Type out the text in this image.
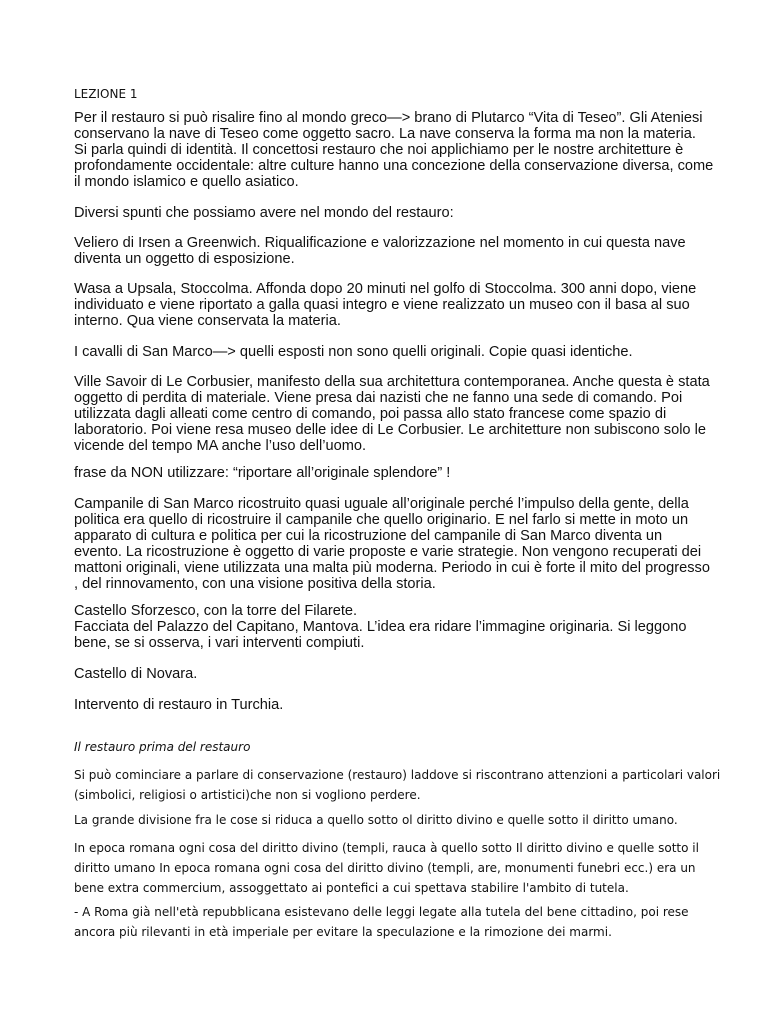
LEZIONE 1

Per il restauro si può risalire fino al mondo greco—> brano di Plutarco “Vita di Teseo”. Gli Ateniesi
conservano la nave di Teseo come oggetto sacro. La nave conserva la forma ma non la materia.
Si parla quindi di identità. Il concettosi restauro che noi applichiamo per le nostre architetture è
profondamente occidentale: altre culture hanno una concezione della conservazione diversa, come
il mondo islamico e quello asiatico.

Diversi spunti che possiamo avere nel mondo del restauro:

Veliero di Irsen a Greenwich. Riqualificazione e valorizzazione nel momento in cui questa nave
diventa un oggetto di esposizione.

Wasa a Upsala, Stoccolma. Affonda dopo 20 minuti nel golfo di Stoccolma. 300 anni dopo, viene
individuato e viene riportato a galla quasi integro e viene realizzato un museo con il basa al suo
interno. Qua viene conservata la materia.

I cavalli di San Marco—> quelli esposti non sono quelli originali. Copie quasi identiche.

Ville Savoir di Le Corbusier, manifesto della sua architettura contemporanea. Anche questa è stata
oggetto di perdita di materiale. Viene presa dai nazisti che ne fanno una sede di comando. Poi
utilizzata dagli alleati come centro di comando, poi passa allo stato francese come spazio di
laboratorio. Poi viene resa museo delle idee di Le Corbusier. Le architetture non subiscono solo le
vicende del tempo MA anche l’uso dell’uomo.

frase da NON utilizzare: “riportare all’originale splendore” !

Campanile di San Marco ricostruito quasi uguale all’originale perché l’impulso della gente, della
politica era quello di ricostruire il campanile che quello originario. E nel farlo si mette in moto un
apparato di cultura e politica per cui la ricostruzione del campanile di San Marco diventa un
evento. La ricostruzione è oggetto di varie proposte e varie strategie. Non vengono recuperati dei
mattoni originali, viene utilizzata una malta più moderna. Periodo in cui è forte il mito del progresso
, del rinnovamento, con una visione positiva della storia.

Castello Sforzesco, con la torre del Filarete.
Facciata del Palazzo del Capitano, Mantova. L’idea era ridare l’immagine originaria. Si leggono
bene, se si osserva, i vari interventi compiuti.

Castello di Novara.

Intervento di restauro in Turchia.

Il restauro prima del restauro

Si può cominciare a parlare di conservazione (restauro) laddove si riscontrano attenzioni a particolari valori
(simbolici, religiosi o artistici)che non si vogliono perdere.

La grande divisione fra le cose si riduca a quello sotto ol diritto divino e quelle sotto il diritto umano.

In epoca romana ogni cosa del diritto divino (templi, rauca à quello sotto Il diritto divino e quelle sotto il
diritto umano In epoca romana ogni cosa del diritto divino (templi, are, monumenti funebri ecc.) era un
bene extra commercium, assoggettato ai pontefici a cui spettava stabilire l'ambito di tutela.

- A Roma già nell'età repubblicana esistevano delle leggi legate alla tutela del bene cittadino, poi rese
ancora più rilevanti in età imperiale per evitare la speculazione e la rimozione dei marmi.
